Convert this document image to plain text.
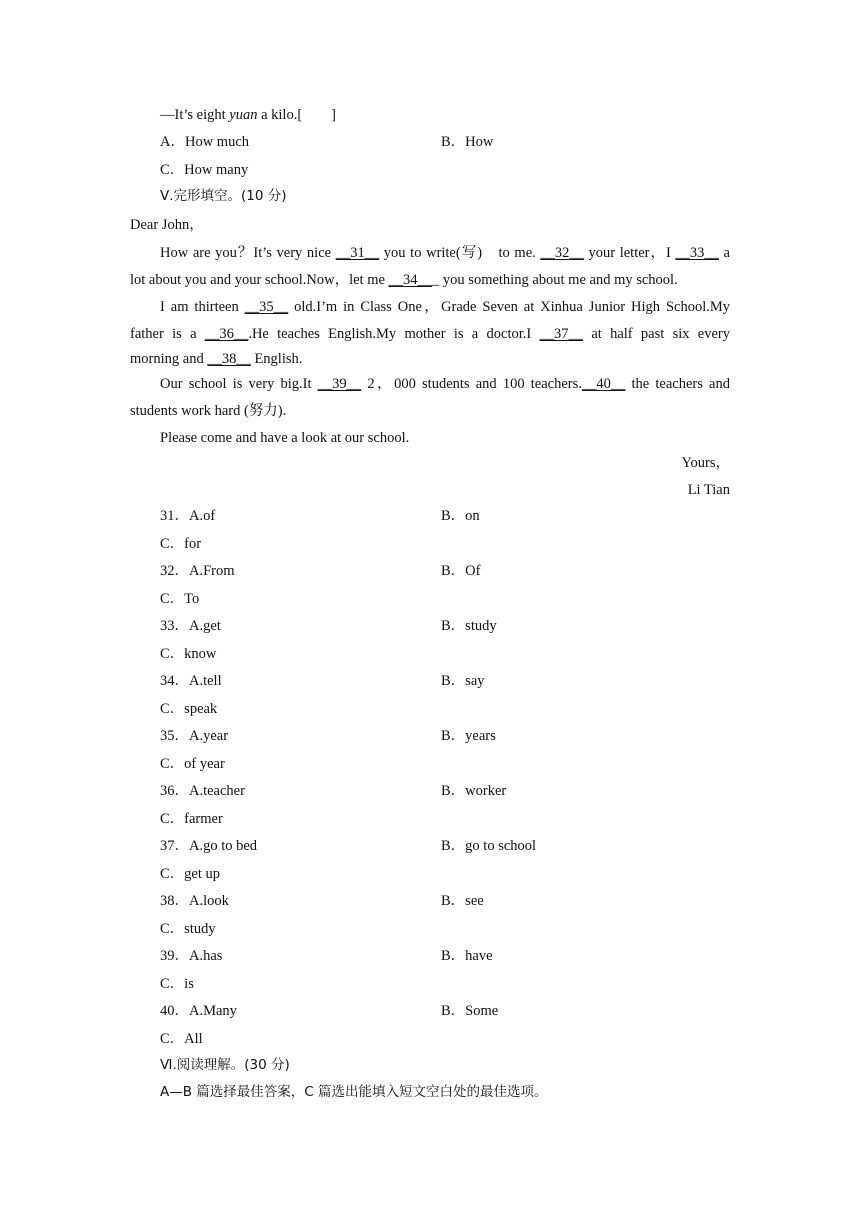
—It’s eight yuan a kilo.[　　]
A．How much	B．How
C．How many
Ⅴ.完形填空。(10 分)
Dear John，
How are you？It’s very nice __31__ you to write(写)　to me. __32__ your letter，I __33__ a
lot about you and your school.Now，let me __34___ you something about me and my school.
I am thirteen __35__ old.I’m in Class One，Grade Seven at Xinhua Junior High School.My
father is a __36__.He teaches English.My mother is a doctor.I __37__ at half past six every
morning and __38__ English.
Our school is very big.It __39__ 2，000 students and 100 teachers.__40__ the teachers and
students work hard (努力).
Please come and have a look at our school.
Yours，
Li Tian
31．A.of	B．on
C．for
32．A.From	B．Of
C．To
33．A.get	B．study
C．know
34．A.tell	B．say
C．speak
35．A.year	B．years
C．of year
36．A.teacher	B．worker
C．farmer
37．A.go to bed	B．go to school
C．get up
38．A.look	B．see
C．study
39．A.has	B．have
C．is
40．A.Many	B．Some
C．All
Ⅵ.阅读理解。(30 分)
A—B 篇选择最佳答案，C 篇选出能填入短文空白处的最佳选项。
